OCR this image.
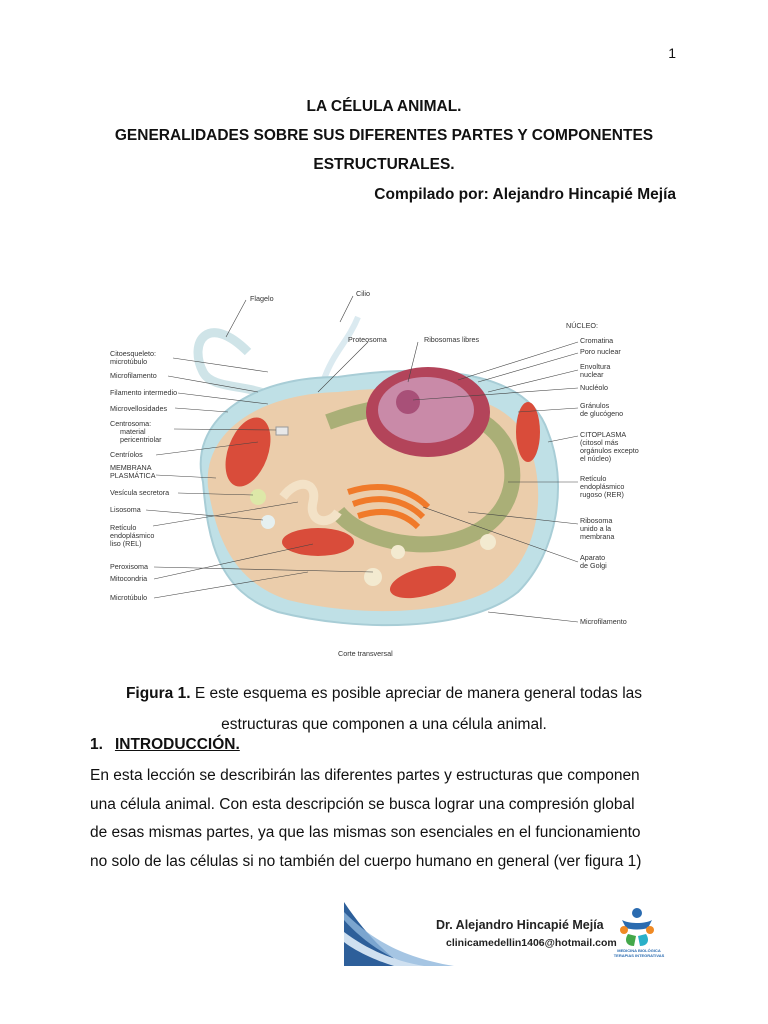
1
LA CÉLULA ANIMAL.
GENERALIDADES SOBRE SUS DIFERENTES PARTES Y COMPONENTES
ESTRUCTURALES.
Compilado por: Alejandro Hincapié Mejía
Flagelo
Citoesqueleto:
microtúbulo
Microfilamento
Filamento intermedio
Microvellosidades
Centrosoma:
material
pericentriolar
Centríolos
MEMBRANA
PLASMÁTICA
Vesícula secretora
Lisosoma
Retículo
endoplásmico
liso (REL)
Peroxisoma
Mitocondria
Microtúbulo
Cilio
Proteosoma	Ribosomas libres
NÚCLEO:
Cromatina
Poro nuclear
Envoltura
nuclear
Nucléolo
Gránulos
de glucógeno
CITOPLASMA
(citosol más
orgánulos excepto
el núcleo)
Retículo
endoplásmico
rugoso (RER)
Ribosoma
unido a la
membrana
Aparato
de Golgi
Microfilamento
Corte transversal
Figura 1. E este esquema es posible apreciar de manera general todas las
estructuras que componen a una célula animal.
1. INTRODUCCIÓN.
En esta lección se describirán las diferentes partes y estructuras que componen
una célula animal. Con esta descripción se busca lograr una compresión global
de esas mismas partes, ya que las mismas son esenciales en el funcionamiento
no solo de las células si no también del cuerpo humano en general (ver figura 1)
Dr. Alejandro Hincapié Mejía
clinicamedellin1406@hotmail.com
MEDICINA BIOLÓGICA
TERAPIAS INTEGRATIVAS
